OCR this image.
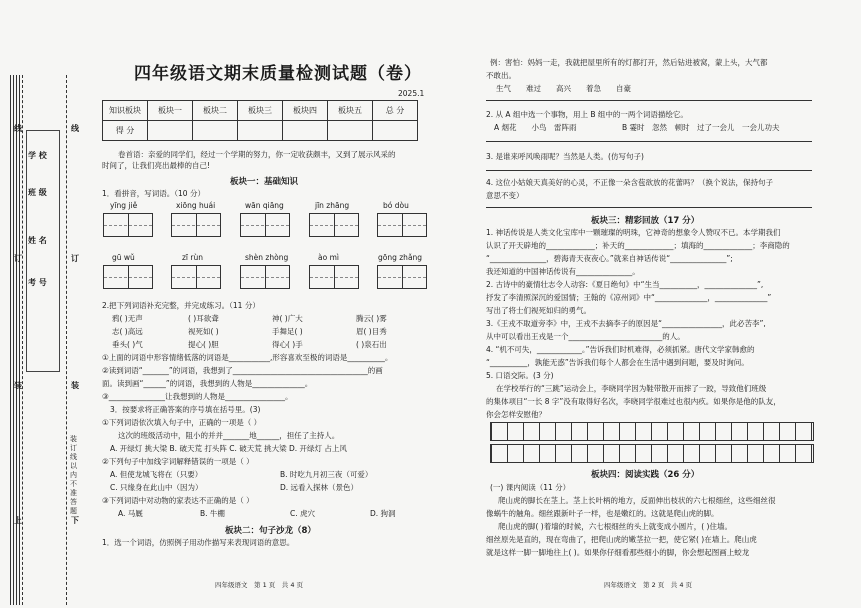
学 校
班 级
姓 名
考 号
线	线
订	订
装	装
上	下
装订线以内不准答题
四年级语文期末质量检测试题（卷）
2025.1
知识板块	板块一	板块二	板块三	板块四	板块五	总 分
得 分						
卷首语：亲爱的同学们，经过一个学期的努力，你一定收获颇丰，又到了展示风采的
时间了，让我们亮出最棒的自己!
板块一：基础知识
1．看拼音，写词语。（10 分）
yīng jiě	xiōng huái	wān qiāng	jīn zhāng	bó dòu
gū wǔ	zī rùn	shèn zhòng	ào mì	gōng zhǎng
2.把下列词语补充完整，并完成练习。（11 分）
鸦( )无声	( )耳欲聋	神( )广大	腾云( )雾
志( )高远	视死如( )	手舞足( )	眉( )目秀
垂头( )气	提心( )胆	得心( )手	( )泉石出
①上面的词语中形容情绪低落的词语是___________,形容喜欢至极的词语是__________。
②读到词语“_______”的词语，我想到了____________________________________的画
面。读到画“______”的词语，我想到的人物是______________。
③_______________让我想到的人物是________________。
3．按要求将正确答案的序号填在括号里。(3)
①下列词语依次填入句子中，正确的一项是（ ）
这次的班级活动中，阻小的并并_______地______，担任了主持人。
A. 开绿灯 挑大梁 B. 破天荒 打头阵 C. 破天荒 挑大梁 D. 开绿灯 占上风
②下列句子中加线字词解释错误的一项是（ ）
A. 但使龙城飞将在（只要）	B. 时吃九月初三夜（可爱）
C. 只缘身在此山中（因为）	D. 远看入探林（景色）
③下列词语中对动物的家表达不正确的是（ ）
A. 马厩	B. 牛棚	C. 虎穴	D. 狗洞
板块二：句子沙龙（8）
1．选一个词语，仿照例子用动作描写来表现词语的意思。
四年级语文　第 1 页　共 4 页
例：害怕：妈妈一走，我就把屋里所有的灯都打开，然后钻进被窝，蒙上头，大气都
不敢出。
生气　　难过　　高兴　　着急　　自豪
2. 从 A 组中选一个事物，用上 B 组中的一两个词语描绘它。
A 烟花　　小鸟　雷阵雨	B 霎时　忽然　顿时　过了一会儿　一会儿功夫
3. 是谁来呼风唤雨呢？当然是人类。(仿写句子)
4. 这位小姑娘天真美好的心灵，不正像一朵含苞欲放的花蕾吗？（换个说法，保持句子
意思不变）
板块三：精彩回放（17 分）
1. 神话传说是人类文化宝库中一颗璀璨的明珠，它神奇的想象令人赞叹不已。本学期我们
认识了开天辟地的_____________；补天的_____________；填海的_____________；李商隐的
“_______________，碧海青天夜夜心。”就来自神话传说“_______________”;
我还知道的中国神话传说有_______________。
2. 古诗中的豪情壮志令人动容:《夏日绝句》中“生当__________，______________”,
抒发了李清照深沉的爱国情；王翰的《凉州词》中“______________，______________”
写出了将士们视死如归的勇气。
3.《王戎不取道旁李》中，王戎不去摘李子的原因是“________________，此必苦李”,
从中可以看出王戎是一个_________________________的人。
4. “机不可失，____________。”告诉我们时机难得，必须抓紧。唐代文学家韩愈的
“__________，孰能无惑”告诉我们每个人都会在生活中遇到问题，要及时询问。
5. 口语交际。(3 分)
在学校举行的“三跳”运动会上，李晓同学因为鞋带散开而摔了一跤，导致他们班级
的集体项目“一长 8 字”没有取得好名次，李晓同学很难过也很内疚。如果你是他的队友，
你会怎样安慰他？
板块四：阅读实践（26 分）
(一) 课内阅读（11 分）
爬山虎的脚长在茎上。茎上长叶柄的地方，反面伸出枝状的六七根细丝，这些细丝很
像蜗牛的触角。细丝跟新叶子一样，也是嫩红的。这就是爬山虎的脚。
爬山虎的脚( )着墙的时候，六七根细丝的头上就变成小圆片，( )住墙。
细丝原先是直的，现在弯曲了，把爬山虎的嫩茎拉一把，使它紧( )在墙上。爬山虎
就是这样一脚一脚地往上( )。如果你仔细看那些细小的脚，你会想起图画上蛟龙
四年级语文　第 2 页　共 4 页
